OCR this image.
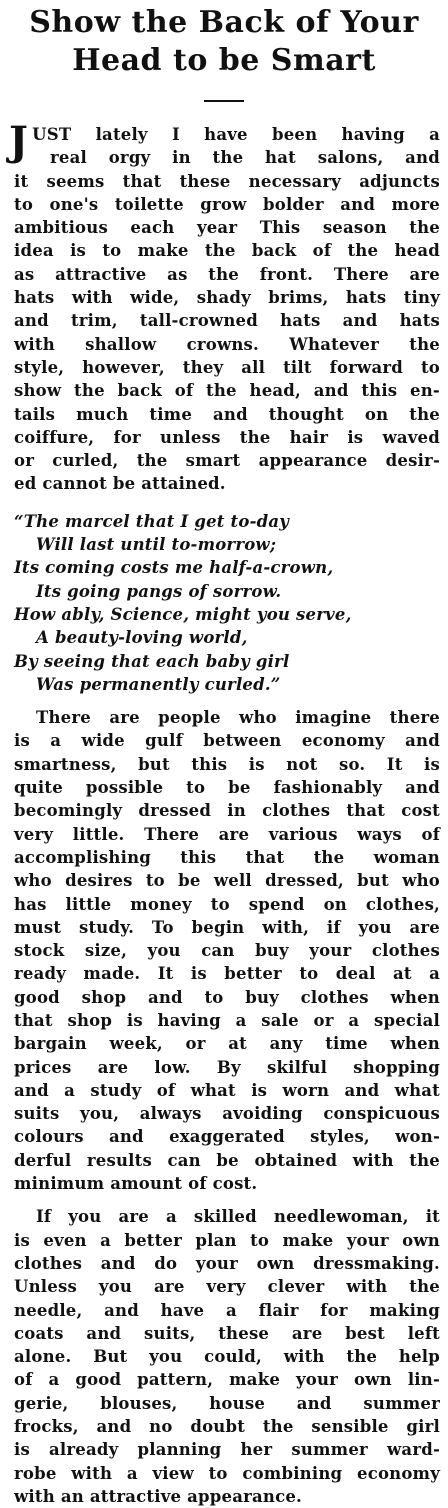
Show the Back of Your
Head to be Smart
J UST lately I have been having a
real orgy in the hat salons, and
it seems that these necessary adjuncts
to one's toilette grow bolder and more
ambitious each year This season the
idea is to make the back of the head
as attractive as the front. There are
hats with wide, shady brims, hats tiny
and trim, tall-crowned hats and hats
with shallow crowns. Whatever the
style, however, they all tilt forward to
show the back of the head, and this en-
tails much time and thought on the
coiffure, for unless the hair is waved
or curled, the smart appearance desir-
ed cannot be attained.
“The marcel that I get to-day
Will last until to-morrow;
Its coming costs me half-a-crown,
Its going pangs of sorrow.
How ably, Science, might you serve,
A beauty-loving world,
By seeing that each baby girl
Was permanently curled.”
There are people who imagine there
is a wide gulf between economy and
smartness, but this is not so. It is
quite possible to be fashionably and
becomingly dressed in clothes that cost
very little. There are various ways of
accomplishing this that the woman
who desires to be well dressed, but who
has little money to spend on clothes,
must study. To begin with, if you are
stock size, you can buy your clothes
ready made. It is better to deal at a
good shop and to buy clothes when
that shop is having a sale or a special
bargain week, or at any time when
prices are low. By skilful shopping
and a study of what is worn and what
suits you, always avoiding conspicuous
colours and exaggerated styles, won-
derful results can be obtained with the
minimum amount of cost.
If you are a skilled needlewoman, it
is even a better plan to make your own
clothes and do your own dressmaking.
Unless you are very clever with the
needle, and have a flair for making
coats and suits, these are best left
alone. But you could, with the help
of a good pattern, make your own lin-
gerie, blouses, house and summer
frocks, and no doubt the sensible girl
is already planning her summer ward-
robe with a view to combining economy
with an attractive appearance.
